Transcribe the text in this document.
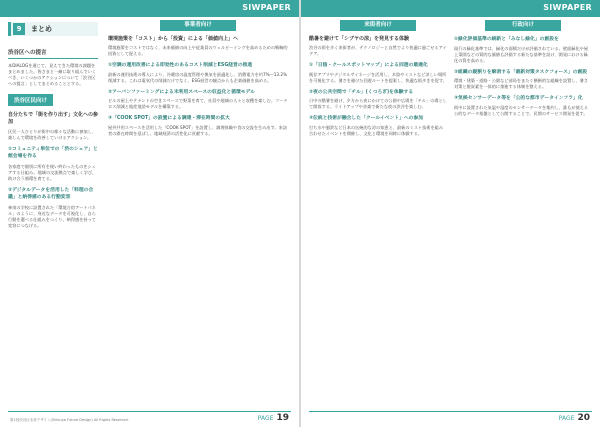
SIWPAPER
9	まとめ
渋谷区への提言
本DIALOGを通じて、見えてきた環境の課題をまとめました。皆さまと一緒に取り組んでいくべき、いくつかのアクションについて「渋谷区への提言」としてまとめることとする。
渋谷区民向け
自分たちで「街を作り出す」文化への参加
区民一人ひとりが街中の様々な活動に参加し、楽しんで環境を改善していけるアクション。
①コミュニティ単位での「渋のシェア」と館会場を作る
各家庭で個別に所有を使い終わったものをシェアする仕組み。地域の交流拠点で楽しく学び、助け合う循環を育てる。
②デジタルデータを活用した「料理の合議」と納得感のある行動変容
神南の学校に設置された「環境合宿アートパネル」のように、身近なデータを可視化し、自ら行動を選べる仕組みをつくり、納得感を持って変容につなげる。
事業者向け
環境施策を「コスト」から「投資」による「価値向上」へ
環境施策をコストではなく、未来価値の向上や従業員のウェルビーイングを高めるための戦略的投資として捉える。
①空調の運用改善による即効性のあるコスト削減とESG経営の推進
最新の運用技術の導入により、冷暖房の温度管理や換気を最適化し、消費電力を約7%〜13.2%削減する。これは電気代の削減だけでなく、ESG経営の観点からも企業価値を高める。
②アーバンファーミングによる未利用スペースの収益化と循環モデル
ビルの屋上やテナントの空きスペースで野菜を育て、社員や地域の人々と収穫を楽しむ。フードロス削減と地産地消モデルを構築する。
③「COOK SPOT」の設置による調達・滞在時間の拡大
屋外共用スペースを活用した「COOK SPOT」を設置し、調理体験や食の交流を生み出す。来訪者の滞在時間を延ばし、地域経済の活性化に貢献する。
第1回渋谷区未来デザイン(Shibuya Future Design) All Rights Reserved.	PAGE 19
SIWPAPER
来街者向け
酷暑を避けて「シブヤの涼」を発見する体験
渋谷の街を歩く来街者が、テクノロジーと自然でより快適に過ごせるアイデア。
①「日陰・クールスポットマップ」による回遊の最適化
既存アプリやデジタルサイネージを活用し、木陰やミストなど涼しい場所を可視化する。暑さを避けた回遊ルートを提案し、快適な街歩きを促す。
②夜の公共空間で「チル」(くつろぎ)を体験する
日中の酷暑を避け、夕方から夜にかけての公園や広場を「チル」の場として開放する。ライトアップや音楽で新たな夜の渋谷を楽しむ。
③伝統と技術が融合した「クールイベント」への参加
打ち水や風鈴など日本の伝統的な涼の知恵と、最新のミスト技術を組み合わせたイベントを開催し、文化と環境を同時に体験する。
行政向け
①緑化評価基準の刷新と「みなし緑化」の創設を
現行の緑化基準では、緑化の面積だけが評価されている。壁面緑化や屋上菜園などの質的な価値も評価する新たな基準を設け、開発における緑化の質を高める。
②組織の縦割りを解消する「最新対策タスクフォース」の創設
環境・建築・道路・公園など部局をまたぐ横断的な組織を設置し、暑さ対策と脱炭素を一体的に推進する体制を整える。
③気候センサーデータ等を「公的な都市データインフラ」化
街中に設置された気温や湿度のセンサーデータを集約し、誰もが使える公的なデータ基盤として公開することで、民間のサービス開発を促す。
PAGE 20
